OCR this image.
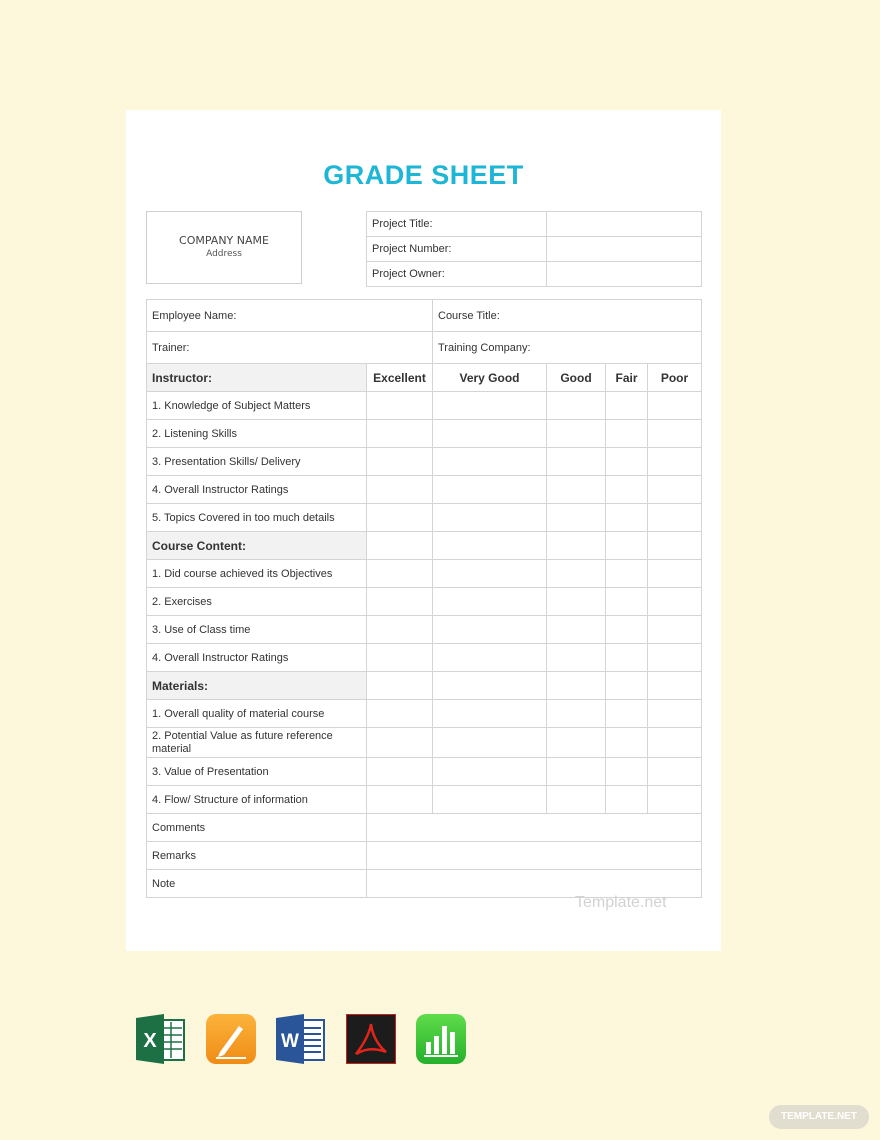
GRADE SHEET
COMPANY NAME
Address
Project Title:	
Project Number:	
Project Owner:	
Employee Name:		Course Title:			
Trainer:		Training Company:			
Instructor:	Excellent	Very Good	Good	Fair	Poor
1. Knowledge of Subject Matters					
2. Listening Skills					
3. Presentation Skills/ Delivery					
4. Overall Instructor Ratings					
5. Topics Covered in too much details					
Course Content:					
1. Did course achieved its Objectives					
2. Exercises					
3. Use of Class time					
4. Overall Instructor Ratings					
Materials:					
1. Overall quality of material course					
2. Potential Value as future reference material					
3. Value of Presentation					
4. Flow/ Structure of information					
Comments					
Remarks					
Note					
Template.net
X	W
TEMPLATE.NET
